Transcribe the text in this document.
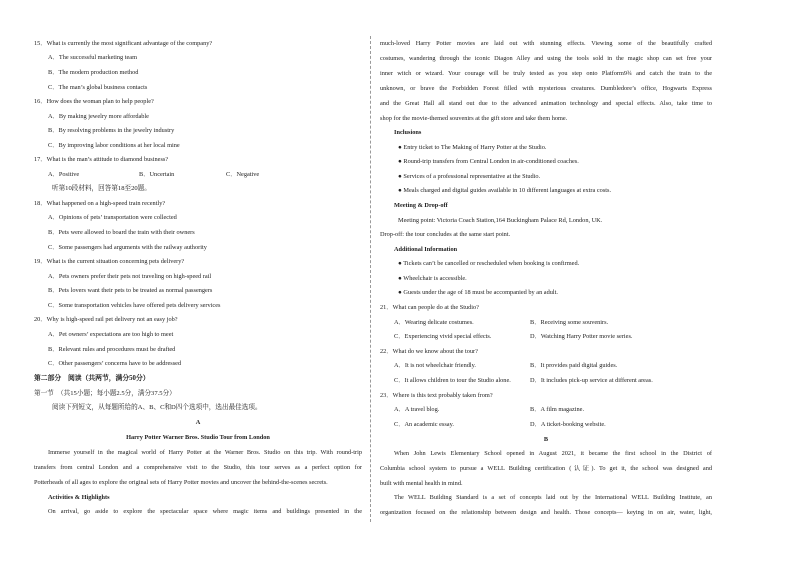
15．What is currently the most significant advantage of the company?
A．The successful marketing team
B．The modern production method
C．The man’s global business contacts
16．How does the woman plan to help people?
A．By making jewelry more affordable
B．By resolving problems in the jewelry industry
C．By improving labor conditions at her local mine
17．What is the man’s attitude to diamond business?
A．Positive	B．Uncertain	C．Negative
听第10段材料，回答第18至20题。
18．What happened on a high-speed train recently?
A．Opinions of pets’ transportation were collected
B．Pets were allowed to board the train with their owners
C．Some passengers had arguments with the railway authority
19．What is the current situation concerning pets delivery?
A．Pets owners prefer their pets not traveling on high-speed rail
B．Pets lovers want their pets to be treated as normal passengers
C．Some transportation vehicles have offered pets delivery services
20．Why is high-speed rail pet delivery not an easy job?
A．Pet owners’ expectations are too high to meet
B．Relevant rules and procedures must be drafted
C．Other passengers’ concerns have to be addressed
第二部分　阅读（共两节，满分50分）
第一节　（共15小题；每小题2.5分，满分37.5分）
阅读下列短文，从每题所给的A、B、C和D四个选项中，选出最佳选项。
A
Harry Potter Warner Bros. Studio Tour from London
Immerse yourself in the magical world of Harry Potter at the Warner Bros. Studio on this trip. With round-trip
transfers from central London and a comprehensive visit to the Studio, this tour serves as a perfect option for
Potterheads of all ages to explore the original sets of Harry Potter movies and uncover the behind-the-scenes secrets.
Activities & Highlights
On arrival, go aside to explore the spectacular space where magic items and buildings presented in the
much-loved Harry Potter movies are laid out with stunning effects. Viewing some of the beautifully crafted
costumes, wandering through the iconic Diagon Alley and using the tools sold in the magic shop can set free your
inner witch or wizard. Your courage will be truly tested as you step onto Platform9¾ and catch the train to the
unknown, or brave the Forbidden Forest filled with mysterious creatures. Dumbledore’s office, Hogwarts Express
and the Great Hall all stand out due to the advanced animation technology and special effects. Also, take time to
shop for the movie-themed souvenirs at the gift store and take them home.
Inclusions
● Entry ticket to The Making of Harry Potter at the Studio.
● Round-trip transfers from Central London in air-conditioned coaches.
● Services of a professional representative at the Studio.
● Meals charged and digital guides available in 10 different languages at extra costs.
Meeting & Drop-off
Meeting point: Victoria Coach Station,164 Buckingham Palace Rd, London, UK.
Drop-off: the tour concludes at the same start point.
Additional Information
● Tickets can’t be cancelled or rescheduled when booking is confirmed.
● Wheelchair is accessible.
● Guests under the age of 18 must be accompanied by an adult.
21．What can people do at the Studio?
A．Wearing delicate costumes.	B．Receiving some souvenirs.
C．Experiencing vivid special effects.	D．Watching Harry Potter movie series.
22．What do we know about the tour?
A．It is not wheelchair friendly.	B．It provides paid digital guides.
C．It allows children to tour the Studio alone.	D．It includes pick-up service at different areas.
23．Where is this text probably taken from?
A．A travel blog.	B．A film magazine.
C．An academic essay.	D．A ticket-booking website.
B
When John Lewis Elementary School opened in August 2021, it became the first school in the District of
Columbia school system to pursue a WELL Building certification (认证). To get it, the school was designed and
built with mental health in mind.
The WELL Building Standard is a set of concepts laid out by the International WELL Building Institute, an
organization focused on the relationship between design and health. Those concepts— keying in on air, water, light,
